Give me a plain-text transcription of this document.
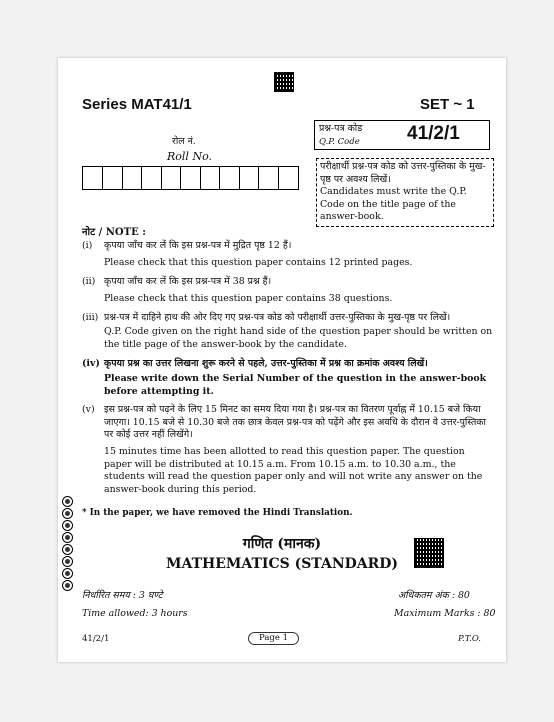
Series MAT41/1	SET ~ 1
रोल नं.
Roll No.
प्रश्न-पत्र कोड
Q.P. Code 41/2/1
परीक्षार्थी प्रश्न-पत्र कोड को उत्तर-पुस्तिका के मुख-पृष्ठ पर अवश्य लिखें।
Candidates must write the Q.P. Code on the title page of the answer-book.
नोट / NOTE :
(i) कृपया जाँच कर लें कि इस प्रश्न-पत्र में मुद्रित पृष्ठ 12 हैं।
Please check that this question paper contains 12 printed pages.
(ii) कृपया जाँच कर लें कि इस प्रश्न-पत्र में 38 प्रश्न हैं।
Please check that this question paper contains 38 questions.
(iii) प्रश्न-पत्र में दाहिने हाथ की ओर दिए गए प्रश्न-पत्र कोड को परीक्षार्थी उत्तर-पुस्तिका के मुख-पृष्ठ पर लिखें।
Q.P. Code given on the right hand side of the question paper should be written on the title page of the answer-book by the candidate.
(iv) कृपया प्रश्न का उत्तर लिखना शुरू करने से पहले, उत्तर-पुस्तिका में प्रश्न का क्रमांक अवश्य लिखें।
Please write down the Serial Number of the question in the answer-book before attempting it.
(v) इस प्रश्न-पत्र को पढ़ने के लिए 15 मिनट का समय दिया गया है। प्रश्न-पत्र का वितरण पूर्वाह्न में 10.15 बजे किया जाएगा। 10.15 बजे से 10.30 बजे तक छात्र केवल प्रश्न-पत्र को पढ़ेंगे और इस अवधि के दौरान वे उत्तर-पुस्तिका पर कोई उत्तर नहीं लिखेंगे।
15 minutes time has been allotted to read this question paper. The question paper will be distributed at 10.15 a.m. From 10.15 a.m. to 10.30 a.m., the students will read the question paper only and will not write any answer on the answer-book during this period.
* In the paper, we have removed the Hindi Translation.
गणित (मानक)
MATHEMATICS (STANDARD)
निर्धारित समय : 3 घण्टे	अधिकतम अंक : 80
Time allowed: 3 hours	Maximum Marks : 80
41/2/1	Page 1	P.T.O.
